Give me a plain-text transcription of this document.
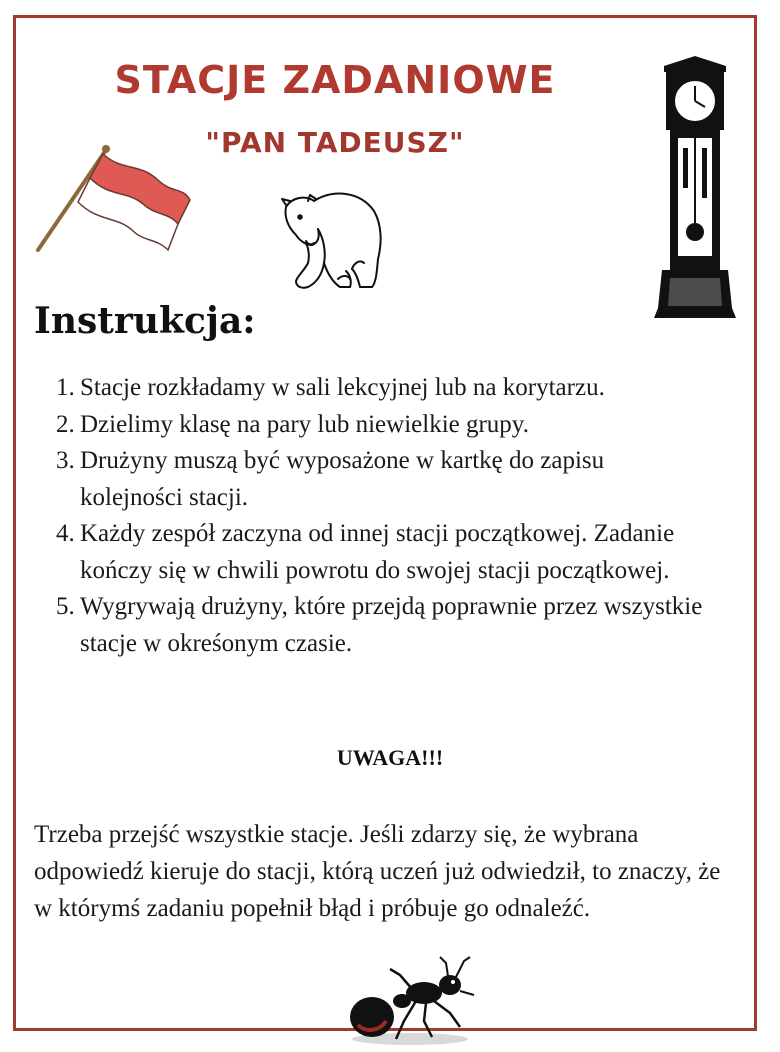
STACJE ZADANIOWE
"PAN TADEUSZ"
Instrukcja:
1. Stacje rozkładamy w sali lekcyjnej lub na korytarzu.
2. Dzielimy klasę na pary lub niewielkie grupy.
3. Drużyny muszą być wyposażone w kartkę do zapisu kolejności stacji.
4. Każdy zespół zaczyna od innej stacji początkowej. Zadanie kończy się w chwili powrotu do swojej stacji początkowej.
5. Wygrywają drużyny, które przejdą poprawnie przez wszystkie stacje w okreśonym czasie.

UWAGA!!!

Trzeba przejść wszystkie stacje. Jeśli zdarzy się, że wybrana odpowiedź kieruje do stacji, którą uczeń już odwiedził, to znaczy, że w którymś zadaniu popełnił błąd i próbuje go odnaleźć.
